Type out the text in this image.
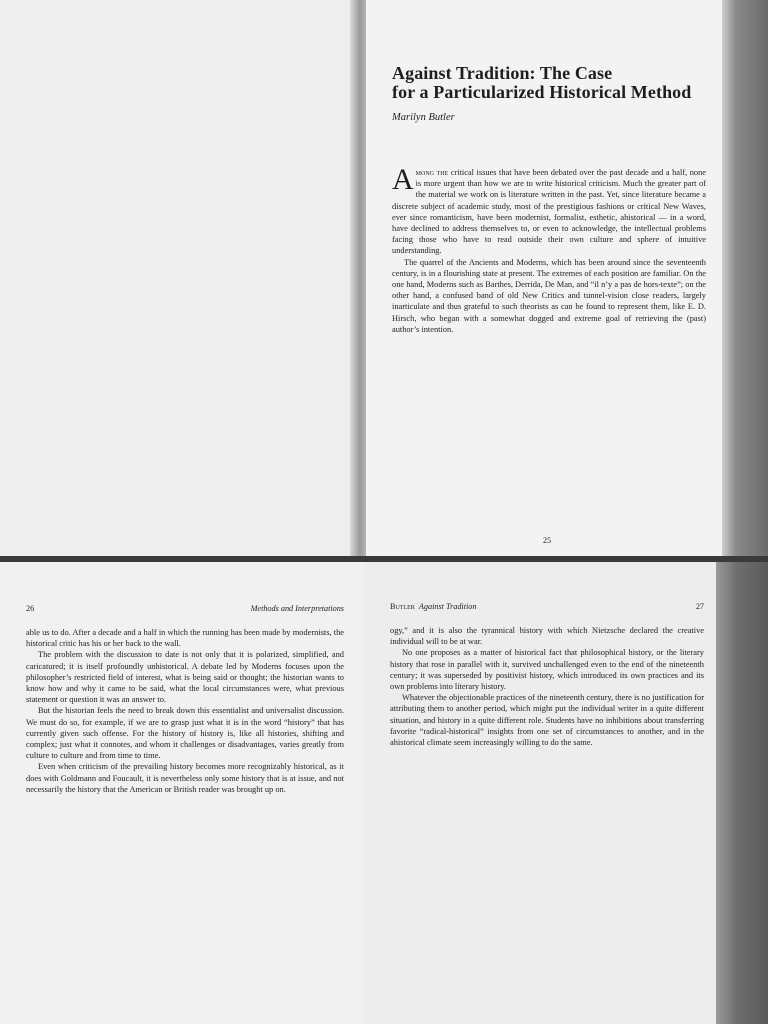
Against Tradition: The Case
for a Particularized Historical Method
Marilyn Butler

A mong the critical issues that have been debated over the past decade and a half, none is more urgent than how we are to write historical criticism. Much the greater part of the material we work on is literature written in the past. Yet, since literature became a discrete subject of academic study, most of the prestigious fashions or critical New Waves, ever since romanticism, have been modernist, formalist, esthetic, ahistorical — in a word, have declined to address themselves to, or even to acknowledge, the intellectual problems facing those who have to read outside their own culture and sphere of intuitive understanding.

The quarrel of the Ancients and Moderns, which has been around since the seventeenth century, is in a flourishing state at present. The extremes of each position are familiar. On the one hand, Moderns such as Barthes, Derrida, De Man, and “il n’y a pas de hors-texte”; on the other hand, a confused band of old New Critics and tunnel-vision close readers, largely inarticulate and thus grateful to such theorists as can be found to represent them, like E. D. Hirsch, who began with a somewhat dogged and extreme goal of retrieving the (past) author’s intention.

25
26	Methods and Interpretations

able us to do. After a decade and a half in which the running has been made by modernists, the historical critic has his or her back to the wall.

The problem with the discussion to date is not only that it is polarized, simplified, and caricatured; it is itself profoundly unhistorical. A debate led by Moderns focuses upon the philosopher’s restricted field of interest, what is being said or thought; the historian wants to know how and why it came to be said, what the local circumstances were, what previous statement or question it was an answer to.

But the historian feels the need to break down this essentialist and universalist discussion. We must do so, for example, if we are to grasp just what it is in the word “history” that has currently given such offense. For the history of history is, like all histories, shifting and complex; just what it connotes, and whom it challenges or disadvantages, varies greatly from culture to culture and from time to time.

Even when criticism of the prevailing history becomes more recognizably historical, as it does with Goldmann and Foucault, it is nevertheless only some history that is at issue, and not necessarily the history that the American or British reader was brought up on.

Butler Against Tradition	27

ogy,” and it is also the tyrannical history with which Nietzsche declared the creative individual will to be at war.

No one proposes as a matter of historical fact that philosophical history, or the literary history that rose in parallel with it, survived unchallenged even to the end of the nineteenth century; it was superseded by positivist history, which introduced its own practices and its own problems into literary history.

Whatever the objectionable practices of the nineteenth century, there is no justification for attributing them to another period, which might put the individual writer in a quite different situation, and history in a quite different role. Students have no inhibitions about transferring favorite “radical-historical” insights from one set of circumstances to another, and in the ahistorical climate seem increasingly willing to do the same.
